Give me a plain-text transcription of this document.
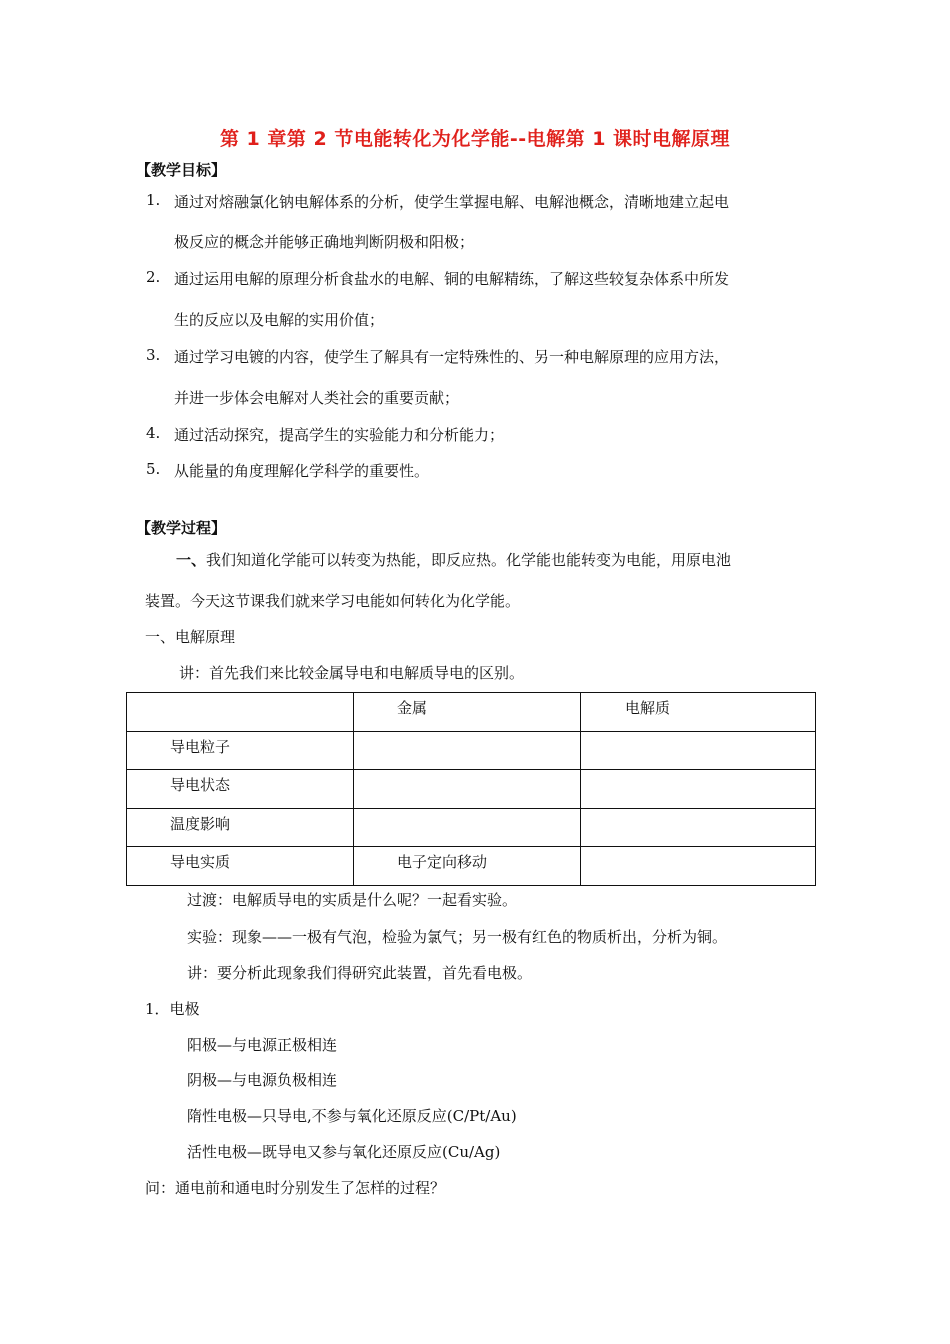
第 1 章第 2 节电能转化为化学能--电解第 1 课时电解原理
【教学目标】
1. 通过对熔融氯化钠电解体系的分析，使学生掌握电解、电解池概念，清晰地建立起电
极反应的概念并能够正确地判断阴极和阳极；
2. 通过运用电解的原理分析食盐水的电解、铜的电解精练，了解这些较复杂体系中所发
生的反应以及电解的实用价值；
3. 通过学习电镀的内容，使学生了解具有一定特殊性的、另一种电解原理的应用方法，
并进一步体会电解对人类社会的重要贡献；
4. 通过活动探究，提高学生的实验能力和分析能力；
5. 从能量的角度理解化学科学的重要性。
【教学过程】
一、我们知道化学能可以转变为热能，即反应热。化学能也能转变为电能，用原电池
装置。今天这节课我们就来学习电能如何转化为化学能。
一、电解原理
讲：首先我们来比较金属导电和电解质导电的区别。
	金属	电解质
导电粒子		
导电状态		
温度影响		
导电实质	电子定向移动	
过渡：电解质导电的实质是什么呢？一起看实验。
实验：现象——一极有气泡，检验为氯气；另一极有红色的物质析出，分析为铜。
讲：要分析此现象我们得研究此装置，首先看电极。
1．电极
阳极—与电源正极相连
阴极—与电源负极相连
隋性电极—只导电,不参与氧化还原反应(C/Pt/Au)
活性电极—既导电又参与氧化还原反应(Cu/Ag)
问：通电前和通电时分别发生了怎样的过程？
